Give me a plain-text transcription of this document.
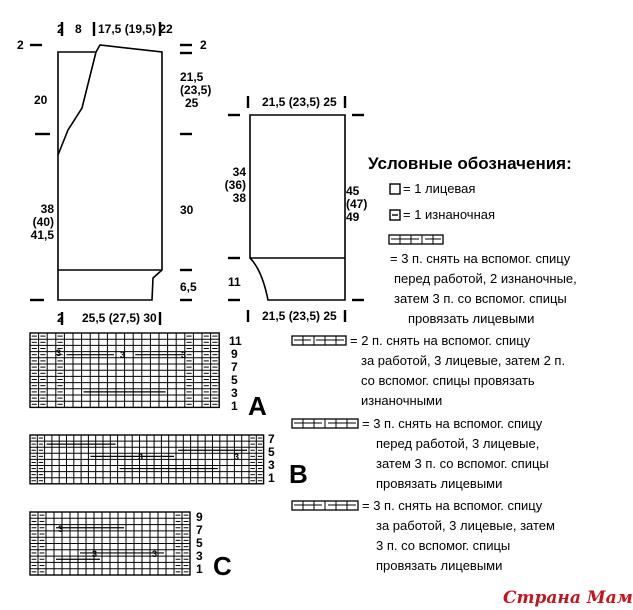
2 8 17,5 (19,5) 22
2
20
38
(40)
41,5
2
21,5
(23,5)
25
30
6,5
2 25,5 (27,5) 30
21,5 (23,5) 25
34
(36)
38
11
45
(47)
49
21,5 (23,5) 25
Условные обозначения:
= 1 лицевая
= 1 изнаночная
= 3 п. снять на вспомог. спицу
перед работой, 2 изнаночные,
затем 3 п. со вспомог. спицы
провязать лицевыми
= 2 п. снять на вспомог. спицу
за работой, 3 лицевые, затем 2 п.
со вспомог. спицы провязать
изнаночными
= 3 п. снять на вспомог. спицу
перед работой, 3 лицевые,
затем 3 п. со вспомог. спицы
провязать лицевыми
= 3 п. снять на вспомог. спицу
за работой, 3 лицевые, затем
3 п. со вспомог. спицы
провязать лицевыми
11
9
7
5
3
1 A
3	3	3
7
5
3
1 B
3	3
9
7
5
3
1 C
3
3	3
Страна Мам
